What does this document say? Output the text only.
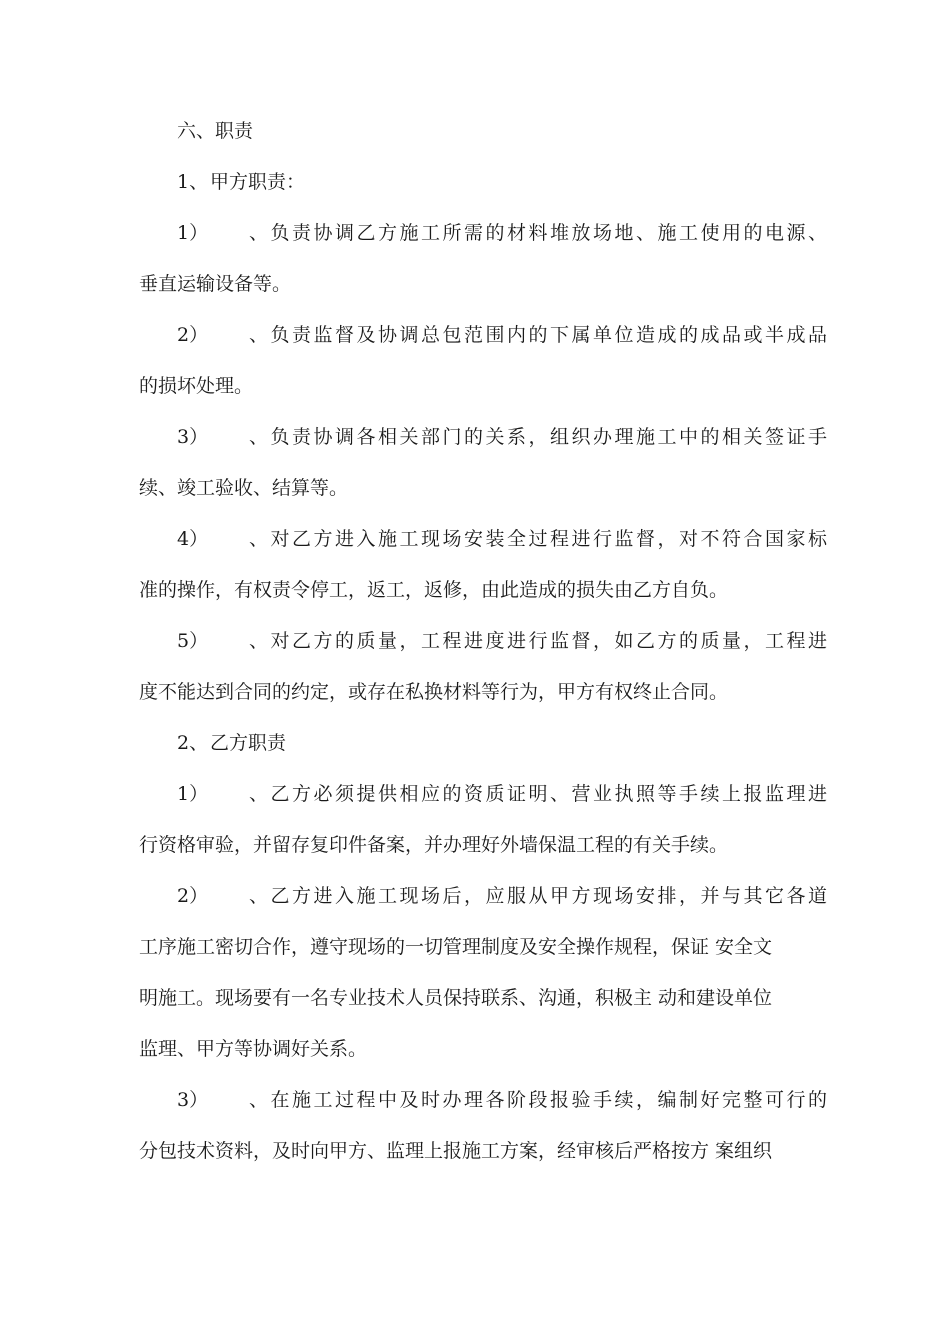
六、职责

1、 甲方职责：

1）	、负责协调乙方施工所需的材料堆放场地、施工使用的电源、

垂直运输设备等。

2）	、负责监督及协调总包范围内的下属单位造成的成品或半成品

的损坏处理。

3）	、负责协调各相关部门的关系，组织办理施工中的相关签证手

续、竣工验收、结算等。

4）	、对乙方进入施工现场安装全过程进行监督，对不符合国家标

准的操作，有权责令停工，返工，返修，由此造成的损失由乙方自负。

5）	、对乙方的质量，工程进度进行监督，如乙方的质量，工程进

度不能达到合同的约定，或存在私换材料等行为，甲方有权终止合同。

2、 乙方职责

1）	、乙方必须提供相应的资质证明、营业执照等手续上报监理进

行资格审验，并留存复印件备案，并办理好外墙保温工程的有关手续。

2）	、乙方进入施工现场后，应服从甲方现场安排，并与其它各道

工序施工密切合作，遵守现场的一切管理制度及安全操作规程，保证 安全文

明施工。现场要有一名专业技术人员保持联系、沟通，积极主 动和建设单位

监理、甲方等协调好关系。

3）	、在施工过程中及时办理各阶段报验手续，编制好完整可行的

分包技术资料，及时向甲方、监理上报施工方案，经审核后严格按方 案组织
